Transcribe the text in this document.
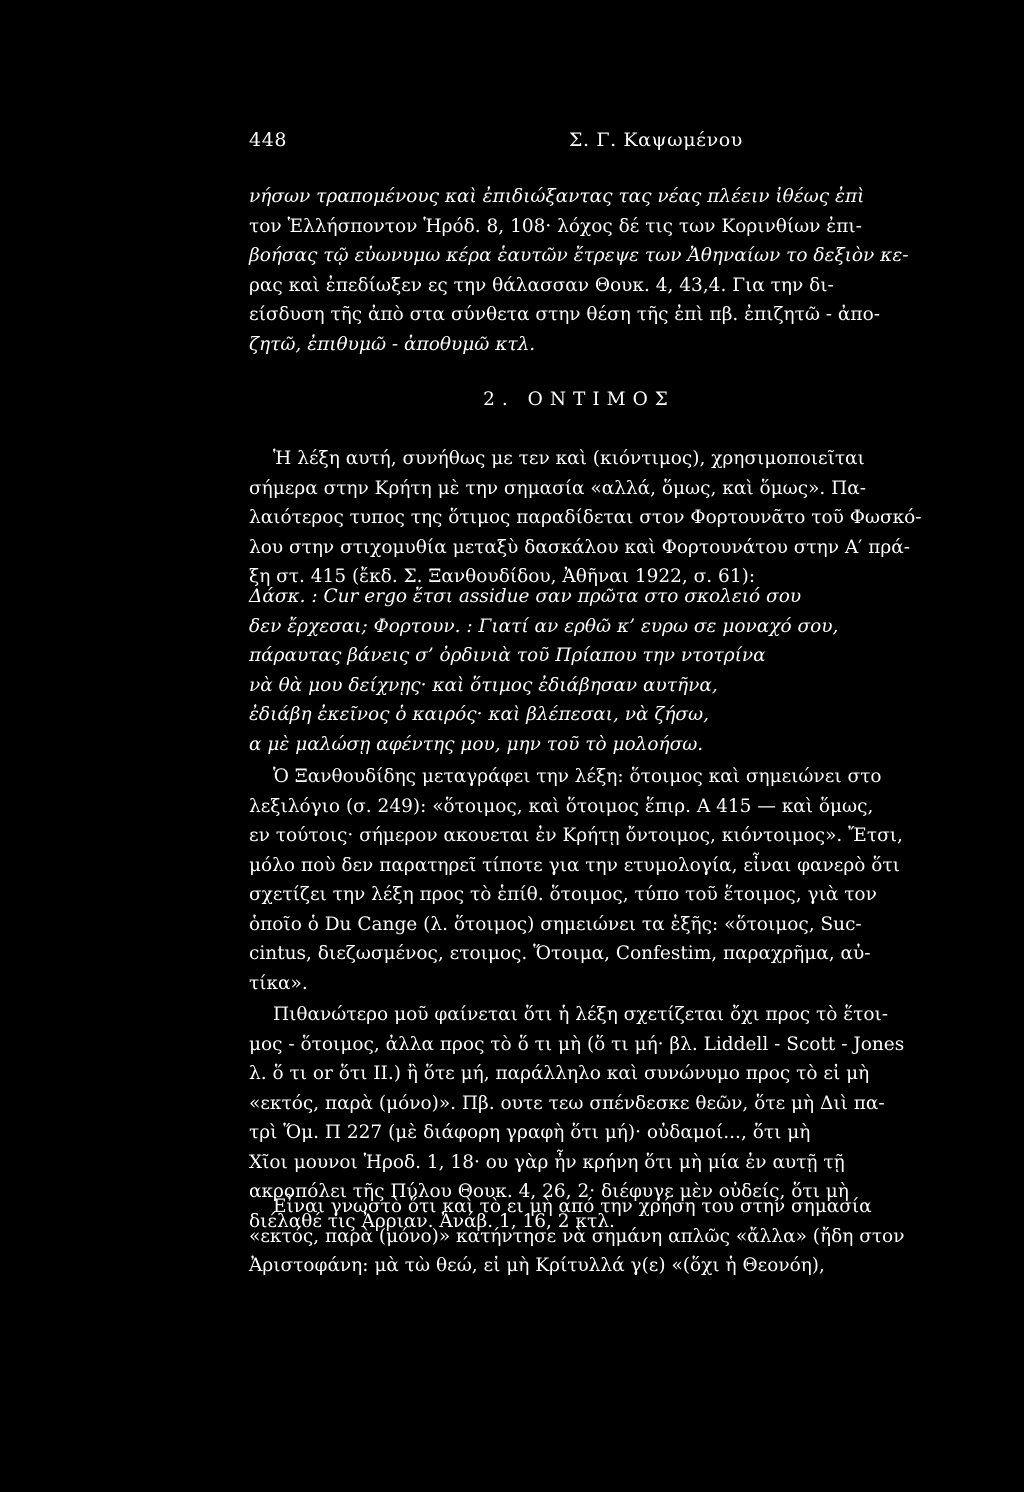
448	Σ. Γ. Καψωμένου
νήσων τραπομένους καὶ ἐπιδιώξαντας τας νέας πλέειν ἰθέως ἐπὶ
τον Ἑλλήσποντον Ἡρόδ. 8, 108· λόχος δέ τις των Κορινθίων ἐπι-
βοήσας τῷ εὐωνυμω κέρα ἑαυτῶν ἔτρεψε των Ἀθηναίων το δεξιὸν κε-
ρας καὶ ἐπεδίωξεν ες την θάλασσαν Θουκ. 4, 43,4. Για την δι-
είσδυση τῆς ἀπὸ στα σύνθετα στην θέση τῆς ἐπὶ πβ. ἐπιζητῶ - ἀπο-
ζητῶ, ἐπιθυμῶ - ἀποθυμῶ κτλ.
2. ΟΝΤΙΜΟΣ
Ἡ λέξη αυτή, συνήθως με τεν καὶ (κιόντιμος), χρησιμοποιεῖται
σήμερα στην Κρήτη μὲ την σημασία «αλλά, ὅμως, καὶ ὅμως». Πα-
λαιότερος τυπος της ὅτιμος παραδίδεται στον Φορτουνᾶτο τοῦ Φωσκό-
λου στην στιχομυθία μεταξὺ δασκάλου καὶ Φορτουνάτου στην Α′ πρά-
ξη στ. 415 (ἔκδ. Σ. Ξανθουδίδου, Ἀθῆναι 1922, σ. 61):
Δάσκ. : Cur ergo ἔτσι assidue σαν πρῶτα στο σκολειό σου
δεν ἔρχεσαι; Φορτουν. : Γιατί αν ερθῶ κ’ ευρω σε μοναχό σου,
πάραυτας βάνεις σ’ ὀρδινιὰ τοῦ Πρίαπου την ντοτρίνα
νὰ θὰ μου δείχνῃς· καὶ ὅτιμος ἐδιάβησαν αυτῆνα,
ἐδιάβη ἐκεῖνος ὁ καιρός· καὶ βλέπεσαι, νὰ ζήσω,
α μὲ μαλώσῃ αφέντης μου, μην τοῦ τὸ μολοήσω.
Ὁ Ξανθουδίδης μεταγράφει την λέξη: ὅτοιμος καὶ σημειώνει στο
λεξιλόγιο (σ. 249): «ὅτοιμος, καὶ ὅτοιμος ἕπιρ. Α 415 — καὶ ὅμως,
εν τούτοις· σήμερον ακουεται ἐν Κρήτῃ ὄντοιμος, κιόντοιμος». Ἔτσι,
μόλο ποὺ δεν παρατηρεῖ τίποτε για την ετυμολογία, εἶναι φανερὸ ὅτι
σχετίζει την λέξη προς τὸ ἑπίθ. ὅτοιμος, τύπο τοῦ ἕτοιμος, γιὰ τον
ὁποῖο ὁ Du Cange (λ. ὅτοιμος) σημειώνει τα ἑξῆς: «ὅτοιμος, Suc-
cintus, διεζωσμένος, ετοιμος. Ὅτοιμα, Confestim, παραχρῆμα, αὐ-
τίκα».
Πιθανώτερο μοῦ φαίνεται ὅτι ἡ λέξη σχετίζεται ὄχι προς τὸ ἕτοι-
μος - ὅτοιμος, ἀλλα προς τὸ ὅ τι μὴ (ὅ τι μή· βλ. Liddell - Scott - Jones
λ. ὅ τι or ὅτι II.) ἢ ὅτε μή, παράλληλο καὶ συνώνυμο προς τὸ εἰ μὴ
«εκτός, παρὰ (μόνο)». Πβ. ουτε τεω σπένδεσκε θεῶν, ὅτε μὴ Διὶ πα-
τρὶ Ὅμ. Π 227 (μὲ διάφορη γραφὴ ὅτι μή)· οὐδαμοί..., ὅτι μὴ
Χῖοι μουνοι Ἡροδ. 1, 18· ου γὰρ ἦν κρήνη ὅτι μὴ μία ἐν αυτῇ τῇ
ακροπόλει τῆς Πύλου Θουκ. 4, 26, 2· διέφυγε μὲν οὐδείς, ὅτι μὴ
διέλαθέ τις Ἀρριαν. Ἀνάβ. 1, 16, 2 κτλ.
Εἶναι γνωστὸ ὅτι καὶ τὸ ει μὴ από την χρήση του στην σημασία
«εκτός, παρὰ (μόνο)» κατήντησε νὰ σημάνη απλῶς «ἄλλα» (ἤδη στον
Ἀριστοφάνη: μὰ τὼ θεώ, εἰ μὴ Κρίτυλλά γ(ε) «(ὅχι ἡ Θεονόη),
